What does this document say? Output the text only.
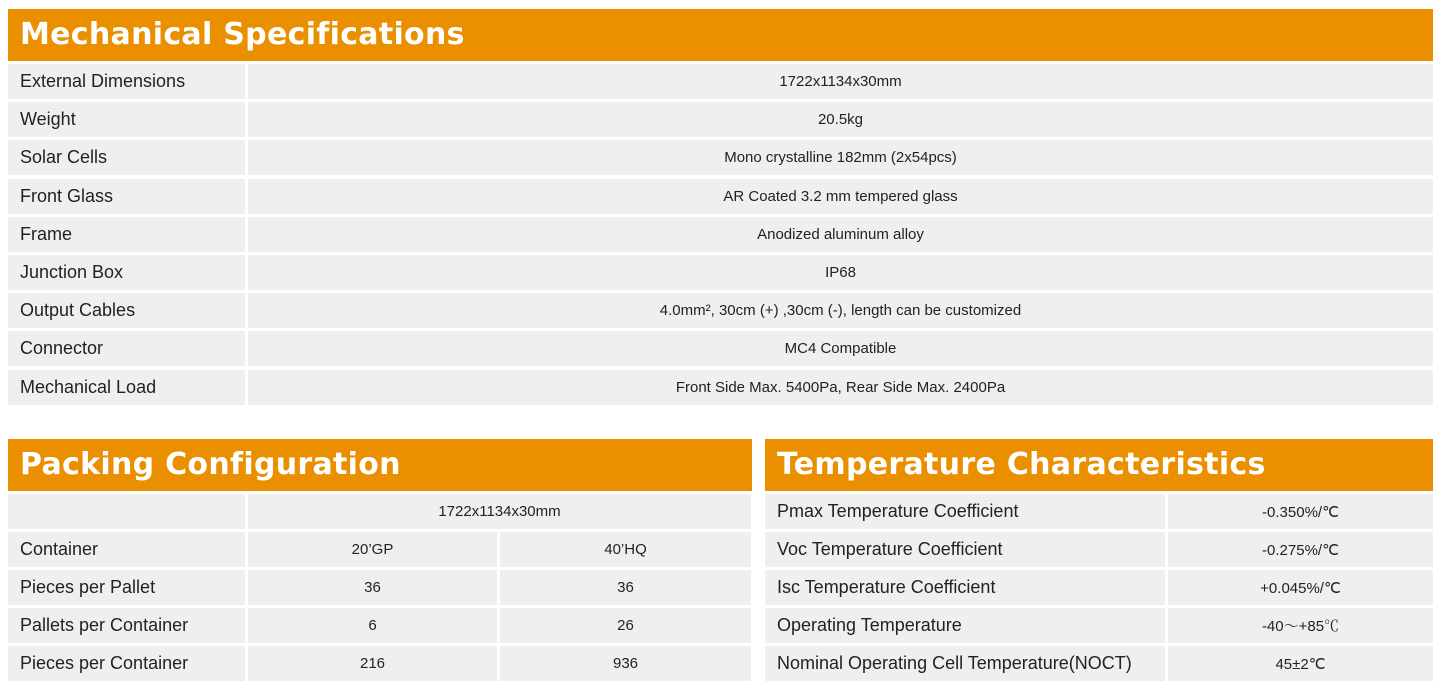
Mechanical Specifications
External Dimensions	1722x1134x30mm
Weight	20.5kg
Solar Cells	Mono crystalline 182mm (2x54pcs)
Front Glass	AR Coated 3.2 mm tempered glass
Frame	Anodized aluminum alloy
Junction Box	IP68
Output Cables	4.0mm², 30cm (+) ,30cm (-), length can be customized
Connector	MC4 Compatible
Mechanical Load	Front Side Max. 5400Pa, Rear Side Max. 2400Pa
Packing Configuration
1722x1134x30mm
Container	20’GP	40’HQ
Pieces per Pallet	36	36
Pallets per Container	6	26
Pieces per Container	216	936
Temperature Characteristics
Pmax Temperature Coefficient	-0.350%/℃
Voc Temperature Coefficient	-0.275%/℃
Isc Temperature Coefficient	+0.045%/℃
Operating Temperature	-40～+85℃
Nominal Operating Cell Temperature(NOCT)	45±2℃
